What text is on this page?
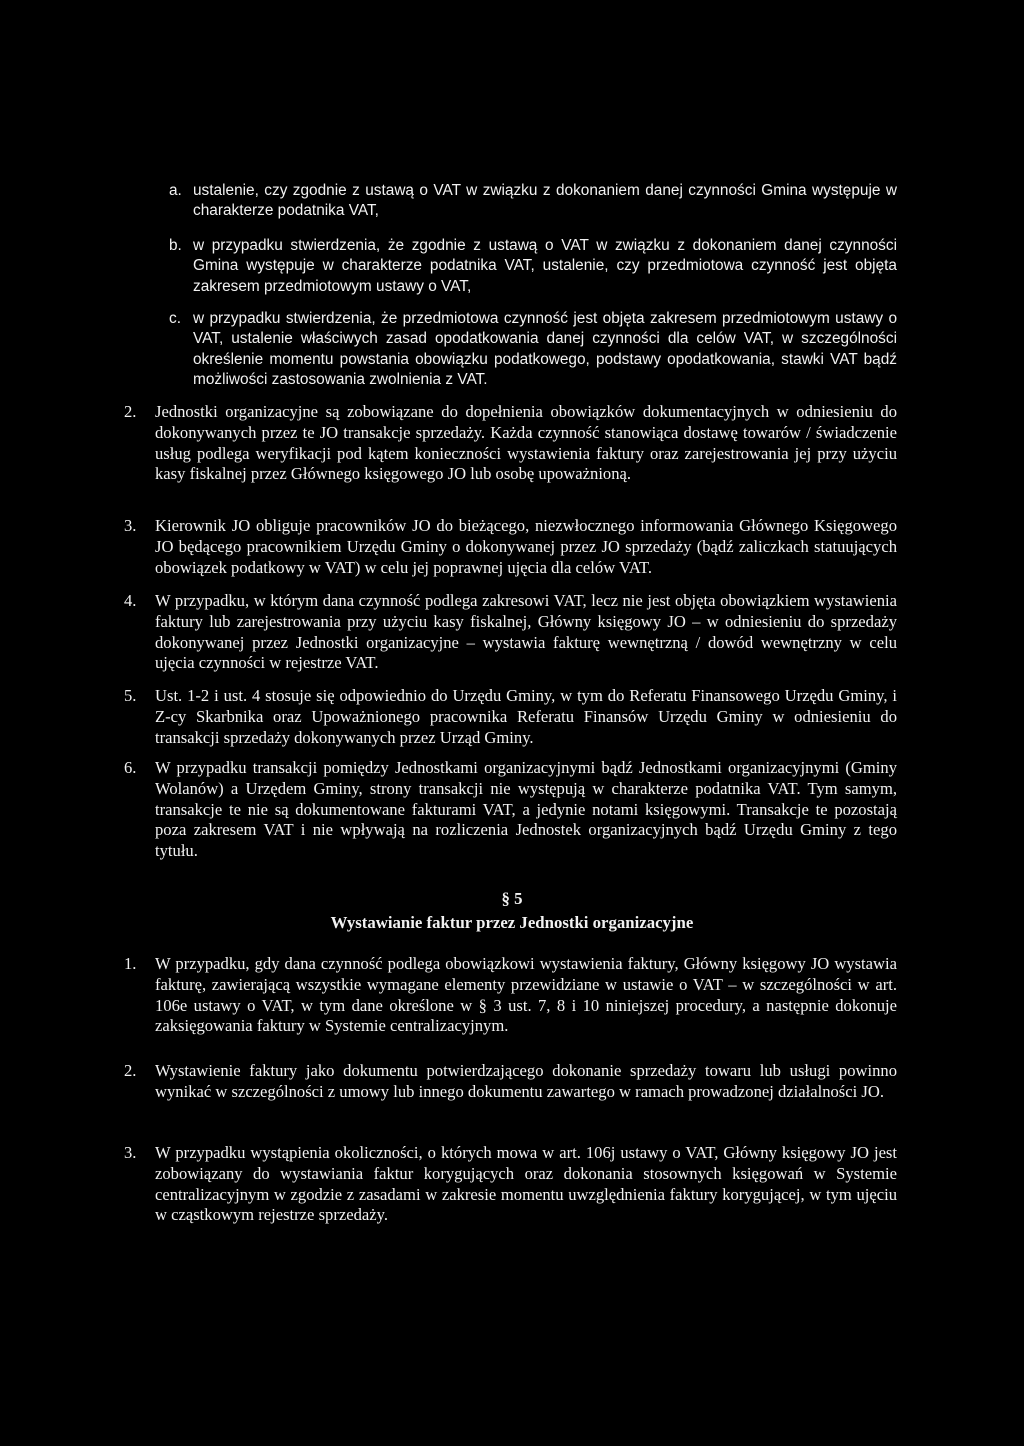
a. ustalenie, czy zgodnie z ustawą o VAT w związku z dokonaniem danej czynności Gmina występuje w charakterze podatnika VAT,
b. w przypadku stwierdzenia, że zgodnie z ustawą o VAT w związku z dokonaniem danej czynności Gmina występuje w charakterze podatnika VAT, ustalenie, czy przedmiotowa czynność jest objęta zakresem przedmiotowym ustawy o VAT,
c. w przypadku stwierdzenia, że przedmiotowa czynność jest objęta zakresem przedmiotowym ustawy o VAT, ustalenie właściwych zasad opodatkowania danej czynności dla celów VAT, w szczególności określenie momentu powstania obowiązku podatkowego, podstawy opodatkowania, stawki VAT bądź możliwości zastosowania zwolnienia z VAT.
2. Jednostki organizacyjne są zobowiązane do dopełnienia obowiązków dokumentacyjnych w odniesieniu do dokonywanych przez te JO transakcje sprzedaży. Każda czynność stanowiąca dostawę towarów / świadczenie usług podlega weryfikacji pod kątem konieczności wystawienia faktury oraz zarejestrowania jej przy użyciu kasy fiskalnej przez Głównego księgowego JO lub osobę upoważnioną.
3. Kierownik JO obliguje pracowników JO do bieżącego, niezwłocznego informowania Głównego Księgowego JO będącego pracownikiem Urzędu Gminy o dokonywanej przez JO sprzedaży (bądź zaliczkach statuujących obowiązek podatkowy w VAT) w celu jej poprawnej ujęcia dla celów VAT.
4. W przypadku, w którym dana czynność podlega zakresowi VAT, lecz nie jest objęta obowiązkiem wystawienia faktury lub zarejestrowania przy użyciu kasy fiskalnej, Główny księgowy JO – w odniesieniu do sprzedaży dokonywanej przez Jednostki organizacyjne – wystawia fakturę wewnętrzną / dowód wewnętrzny w celu ujęcia czynności w rejestrze VAT.
5. Ust. 1-2 i ust. 4 stosuje się odpowiednio do Urzędu Gminy, w tym do Referatu Finansowego Urzędu Gminy, i Z-cy Skarbnika oraz Upoważnionego pracownika Referatu Finansów Urzędu Gminy w odniesieniu do transakcji sprzedaży dokonywanych przez Urząd Gminy.
6. W przypadku transakcji pomiędzy Jednostkami organizacyjnymi bądź Jednostkami organizacyjnymi (Gminy Wolanów) a Urzędem Gminy, strony transakcji nie występują w charakterze podatnika VAT. Tym samym, transakcje te nie są dokumentowane fakturami VAT, a jedynie notami księgowymi. Transakcje te pozostają poza zakresem VAT i nie wpływają na rozliczenia Jednostek organizacyjnych bądź Urzędu Gminy z tego tytułu.
§ 5
Wystawianie faktur przez Jednostki organizacyjne
1. W przypadku, gdy dana czynność podlega obowiązkowi wystawienia faktury, Główny księgowy JO wystawia fakturę, zawierającą wszystkie wymagane elementy przewidziane w ustawie o VAT – w szczególności w art. 106e ustawy o VAT, w tym dane określone w § 3 ust. 7, 8 i 10 niniejszej procedury, a następnie dokonuje zaksięgowania faktury w Systemie centralizacyjnym.
2. Wystawienie faktury jako dokumentu potwierdzającego dokonanie sprzedaży towaru lub usługi powinno wynikać w szczególności z umowy lub innego dokumentu zawartego w ramach prowadzonej działalności JO.
3. W przypadku wystąpienia okoliczności, o których mowa w art. 106j ustawy o VAT, Główny księgowy JO jest zobowiązany do wystawiania faktur korygujących oraz dokonania stosownych księgowań w Systemie centralizacyjnym w zgodzie z zasadami w zakresie momentu uwzględnienia faktury korygującej, w tym ujęciu w cząstkowym rejestrze sprzedaży.
